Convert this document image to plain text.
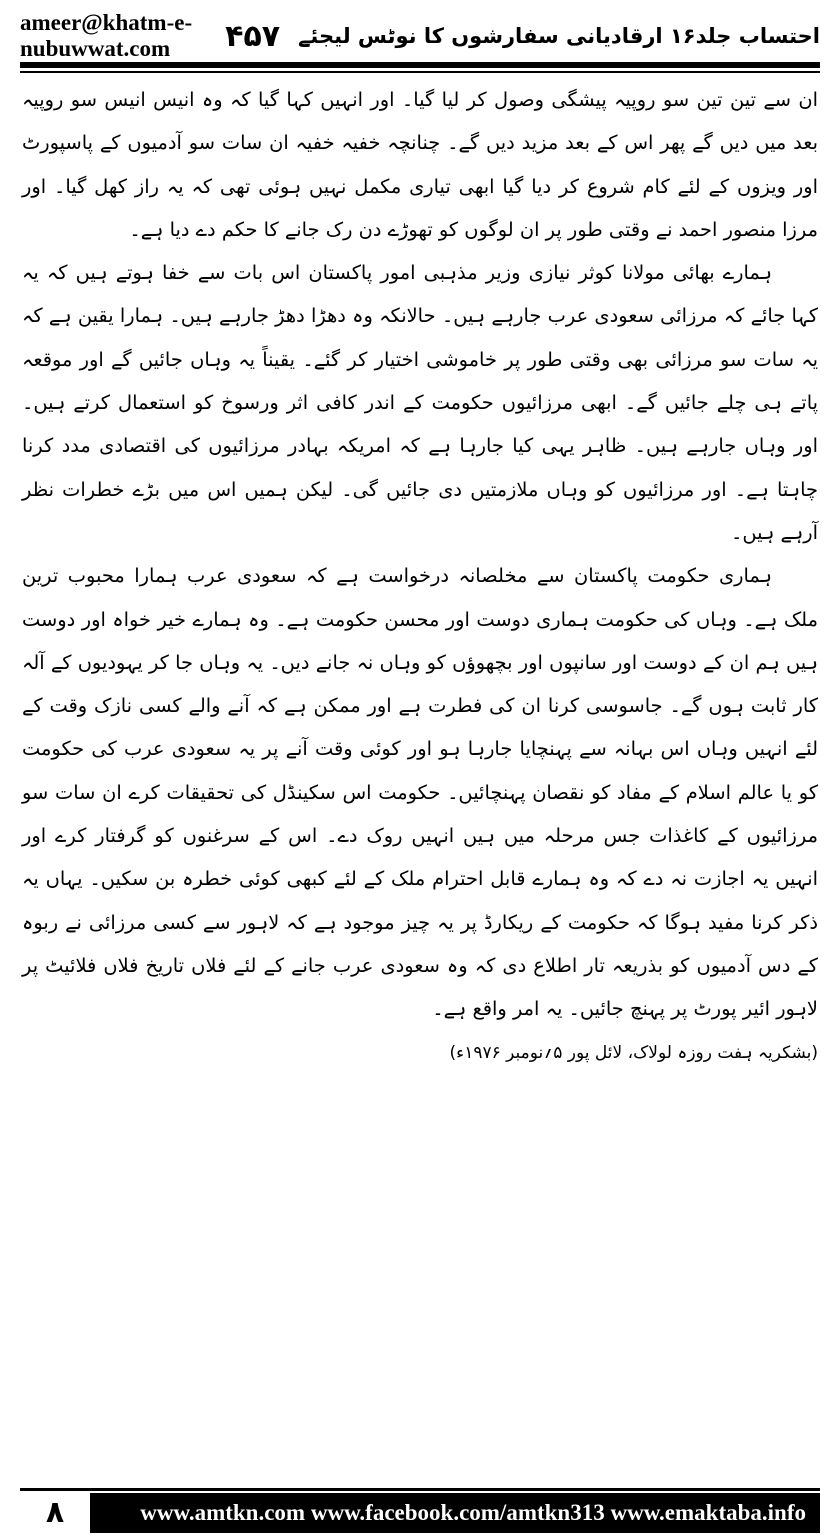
ameer@khatm-e-nubuwwat.com	احتساب جلد۱۶ ارقادیانی سفارشوں کا نوٹس لیجئے
۴۵۷

ان سے تین تین سو روپیہ پیشگی وصول کر لیا گیا۔ اور انہیں کہا گیا کہ وہ انیس انیس سو روپیہ بعد میں دیں گے پھر اس کے بعد مزید دیں گے۔ چنانچہ خفیہ خفیہ ان سات سو آدمیوں کے پاسپورٹ اور ویزوں کے لئے کام شروع کر دیا گیا ابھی تیاری مکمل نہیں ہوئی تھی کہ یہ راز کھل گیا۔ اور مرزا منصور احمد نے وقتی طور پر ان لوگوں کو تھوڑے دن رک جانے کا حکم دے دیا ہے۔

ہمارے بھائی مولانا کوثر نیازی وزیر مذہبی امور پاکستان اس بات سے خفا ہوتے ہیں کہ یہ کہا جائے کہ مرزائی سعودی عرب جارہے ہیں۔ حالانکہ وہ دھڑا دھڑ جارہے ہیں۔ ہمارا یقین ہے کہ یہ سات سو مرزائی بھی وقتی طور پر خاموشی اختیار کر گئے۔ یقیناً یہ وہاں جائیں گے اور موقعہ پاتے ہی چلے جائیں گے۔ ابھی مرزائیوں حکومت کے اندر کافی اثر ورسوخ کو استعمال کرتے ہیں۔ اور وہاں جارہے ہیں۔ ظاہر یہی کیا جارہا ہے کہ امریکہ بہادر مرزائیوں کی اقتصادی مدد کرنا چاہتا ہے۔ اور مرزائیوں کو وہاں ملازمتیں دی جائیں گی۔ لیکن ہمیں اس میں بڑے خطرات نظر آرہے ہیں۔

ہماری حکومت پاکستان سے مخلصانہ درخواست ہے کہ سعودی عرب ہمارا محبوب ترین ملک ہے۔ وہاں کی حکومت ہماری دوست اور محسن حکومت ہے۔ وہ ہمارے خیر خواہ اور دوست ہیں ہم ان کے دوست اور سانپوں اور بچھوؤں کو وہاں نہ جانے دیں۔ یہ وہاں جا کر یہودیوں کے آلہ کار ثابت ہوں گے۔ جاسوسی کرنا ان کی فطرت ہے اور ممکن ہے کہ آنے والے کسی نازک وقت کے لئے انہیں وہاں اس بہانہ سے پہنچایا جارہا ہو اور کوئی وقت آنے پر یہ سعودی عرب کی حکومت کو یا عالم اسلام کے مفاد کو نقصان پہنچائیں۔ حکومت اس سکینڈل کی تحقیقات کرے ان سات سو مرزائیوں کے کاغذات جس مرحلہ میں ہیں انہیں روک دے۔ اس کے سرغنوں کو گرفتار کرے اور انہیں یہ اجازت نہ دے کہ وہ ہمارے قابل احترام ملک کے لئے کبھی کوئی خطرہ بن سکیں۔ یہاں یہ ذکر کرنا مفید ہوگا کہ حکومت کے ریکارڈ پر یہ چیز موجود ہے کہ لاہور سے کسی مرزائی نے ربوہ کے دس آدمیوں کو بذریعہ تار اطلاع دی کہ وہ سعودی عرب جانے کے لئے فلاں تاریخ فلاں فلائیٹ پر لاہور ائیر پورٹ پر پہنچ جائیں۔ یہ امر واقع ہے۔

(بشکریہ ہفت روزہ لولاک، لائل پور ۵؍نومبر ۱۹۷۶ء)

۸	www.amtkn.com www.facebook.com/amtkn313 www.emaktaba.info
